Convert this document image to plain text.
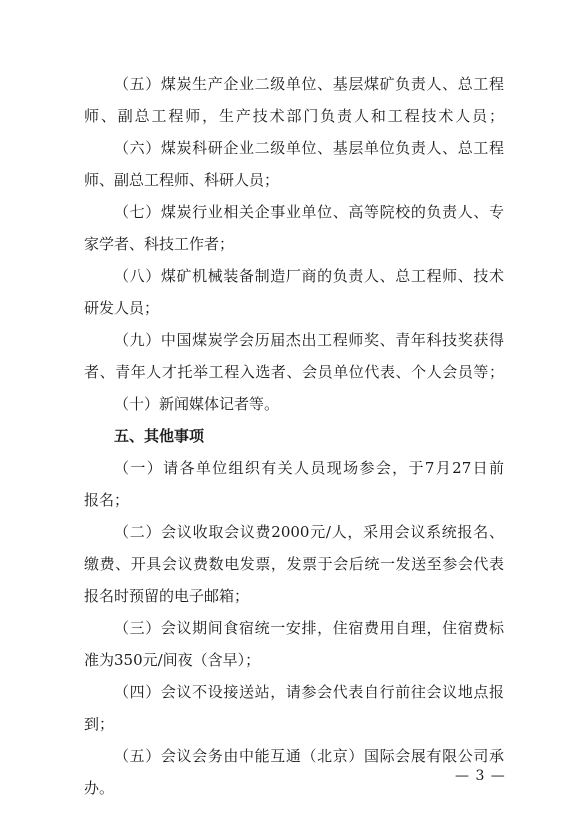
（五）煤炭生产企业二级单位、基层煤矿负责人、总工程
师、副总工程师，生产技术部门负责人和工程技术人员；
（六）煤炭科研企业二级单位、基层单位负责人、总工程
师、副总工程师、科研人员；
（七）煤炭行业相关企事业单位、高等院校的负责人、专
家学者、科技工作者；
（八）煤矿机械装备制造厂商的负责人、总工程师、技术
研发人员；
（九）中国煤炭学会历届杰出工程师奖、青年科技奖获得
者、青年人才托举工程入选者、会员单位代表、个人会员等；
（十）新闻媒体记者等。
五、其他事项
（一）请各单位组织有关人员现场参会，于7月27日前
报名；
（二）会议收取会议费2000元/人，采用会议系统报名、
缴费、开具会议费数电发票，发票于会后统一发送至参会代表
报名时预留的电子邮箱；
（三）会议期间食宿统一安排，住宿费用自理，住宿费标
准为350元/间夜（含早）；
（四）会议不设接送站，请参会代表自行前往会议地点报
到；
（五）会议会务由中能互通（北京）国际会展有限公司承
办。
— 3 —
